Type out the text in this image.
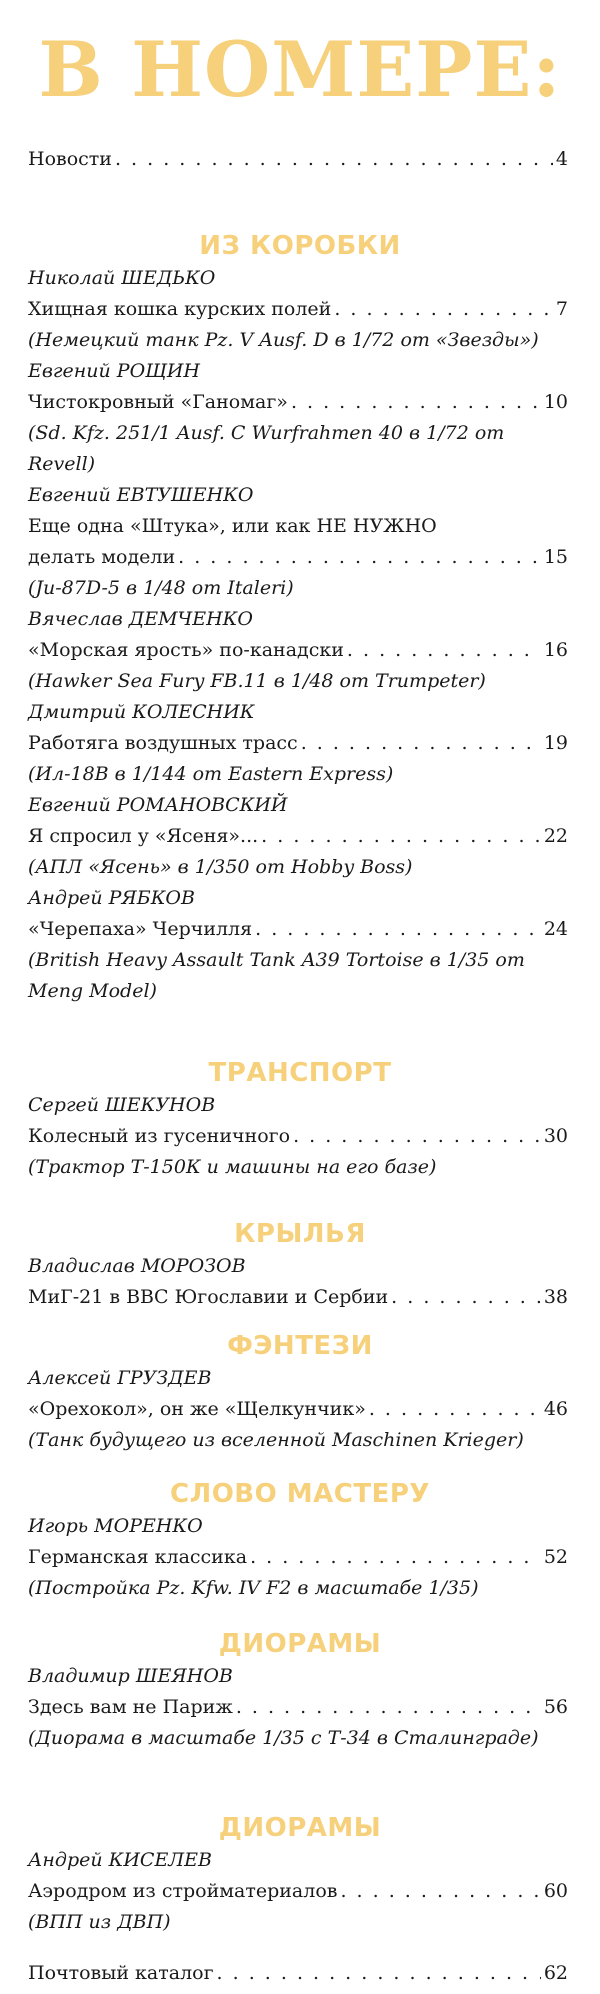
В НОМЕРЕ:
Новости . . .	4
ИЗ КОРОБКИ
Николай ШЕДЬКО
Хищная кошка курских полей . . .	7
(Немецкий танк Pz. V Ausf. D в 1/72 от «Звезды»)
Евгений РОЩИН
Чистокровный «Ганомаг» . . .	10
(Sd. Kfz. 251/1 Ausf. C Wurfrahmen 40 в 1/72 от Revell)
Евгений ЕВТУШЕНКО
Еще одна «Штука», или как НЕ НУЖНО
делать модели . . .	15
(Ju-87D-5 в 1/48 от Italeri)
Вячеслав ДЕМЧЕНКО
«Морская ярость» по-канадски . . .	16
(Hawker Sea Fury FB.11 в 1/48 от Trumpeter)
Дмитрий КОЛЕСНИК
Работяга воздушных трасс . . .	19
(Ил-18В в 1/144 от Eastern Express)
Евгений РОМАНОВСКИЙ
Я спросил у «Ясеня»... . . .	22
(АПЛ «Ясень» в 1/350 от Hobby Boss)
Андрей РЯБКОВ
«Черепаха» Черчилля . . .	24
(British Heavy Assault Tank A39 Tortoise в 1/35 от Meng Model)
ТРАНСПОРТ
Сергей ШЕКУНОВ
Колесный из гусеничного . . .	30
(Трактор Т-150К и машины на его базе)
КРЫЛЬЯ
Владислав МОРОЗОВ
МиГ-21 в ВВС Югославии и Сербии . . .	38
ФЭНТЕЗИ
Алексей ГРУЗДЕВ
«Орехокол», он же «Щелкунчик» . . .	46
(Танк будущего из вселенной Maschinen Krieger)
СЛОВО МАСТЕРУ
Игорь МОРЕНКО
Германская классика . . .	52
(Постройка Pz. Kfw. IV F2 в масштабе 1/35)
ДИОРАМЫ
Владимир ШЕЯНОВ
Здесь вам не Париж . . .	56
(Диорама в масштабе 1/35 с Т-34 в Сталинграде)
ДИОРАМЫ
Андрей КИСЕЛЕВ
Аэродром из стройматериалов . . .	60
(ВПП из ДВП)
Почтовый каталог . . .	62
